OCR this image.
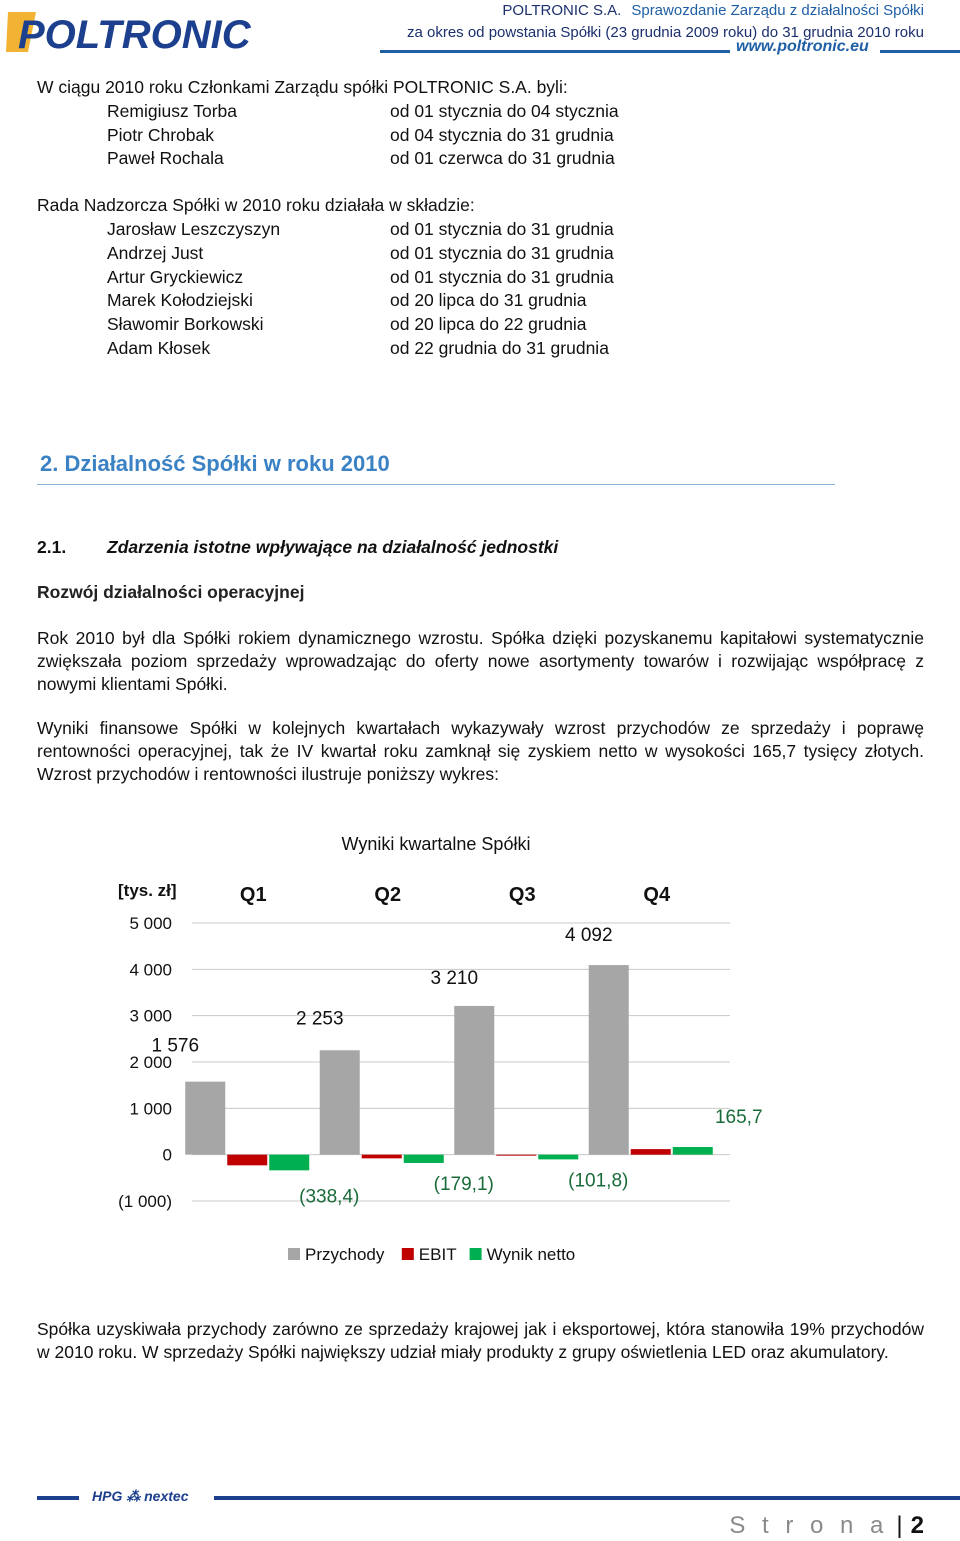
POLTRONIC
POLTRONIC S.A. Sprawozdanie Zarządu z działalności Spółki
za okres od powstania Spółki (23 grudnia 2009 roku) do 31 grudnia 2010 roku
www.poltronic.eu
W ciągu 2010 roku Członkami Zarządu spółki POLTRONIC S.A. byli:
Remigiusz Torba	od 01 stycznia do 04 stycznia
Piotr Chrobak	od 04 stycznia do 31 grudnia
Paweł Rochala	od 01 czerwca do 31 grudnia
Rada Nadzorcza Spółki w 2010 roku działała w składzie:
Jarosław Leszczyszyn	od 01 stycznia do 31 grudnia
Andrzej Just	od 01 stycznia do 31 grudnia
Artur Gryckiewicz	od 01 stycznia do 31 grudnia
Marek Kołodziejski	od 20 lipca do 31 grudnia
Sławomir Borkowski	od 20 lipca do 22 grudnia
Adam Kłosek	od 22 grudnia do 31 grudnia
2. Działalność Spółki w roku 2010
2.1. Zdarzenia istotne wpływające na działalność jednostki
Rozwój działalności operacyjnej
Rok 2010 był dla Spółki rokiem dynamicznego wzrostu. Spółka dzięki pozyskanemu kapitałowi systematycznie zwiększała poziom sprzedaży wprowadzając do oferty nowe asortymenty towarów i rozwijając współpracę z nowymi klientami Spółki.
Wyniki finansowe Spółki w kolejnych kwartałach wykazywały wzrost przychodów ze sprzedaży i poprawę rentowności operacyjnej, tak że IV kwartał roku zamknął się zyskiem netto w wysokości 165,7 tysięcy złotych. Wzrost przychodów i rentowności ilustruje poniższy wykres:
Wyniki kwartalne Spółki
[tys. zł]
5 000
4 000
3 000
2 000
1 000
0
(1 000)
Q1	Q2	Q3	Q4
1 576
2 253
3 210
4 092
(338,4)
(179,1)	(101,8)
165,7
Przychody EBIT Wynik netto
Spółka uzyskiwała przychody zarówno ze sprzedaży krajowej jak i eksportowej, która stanowiła 19% przychodów w 2010 roku. W sprzedaży Spółki największy udział miały produkty z grupy oświetlenia LED oraz akumulatory.
HPG ⁂ nextec
S t r o n a | 2
